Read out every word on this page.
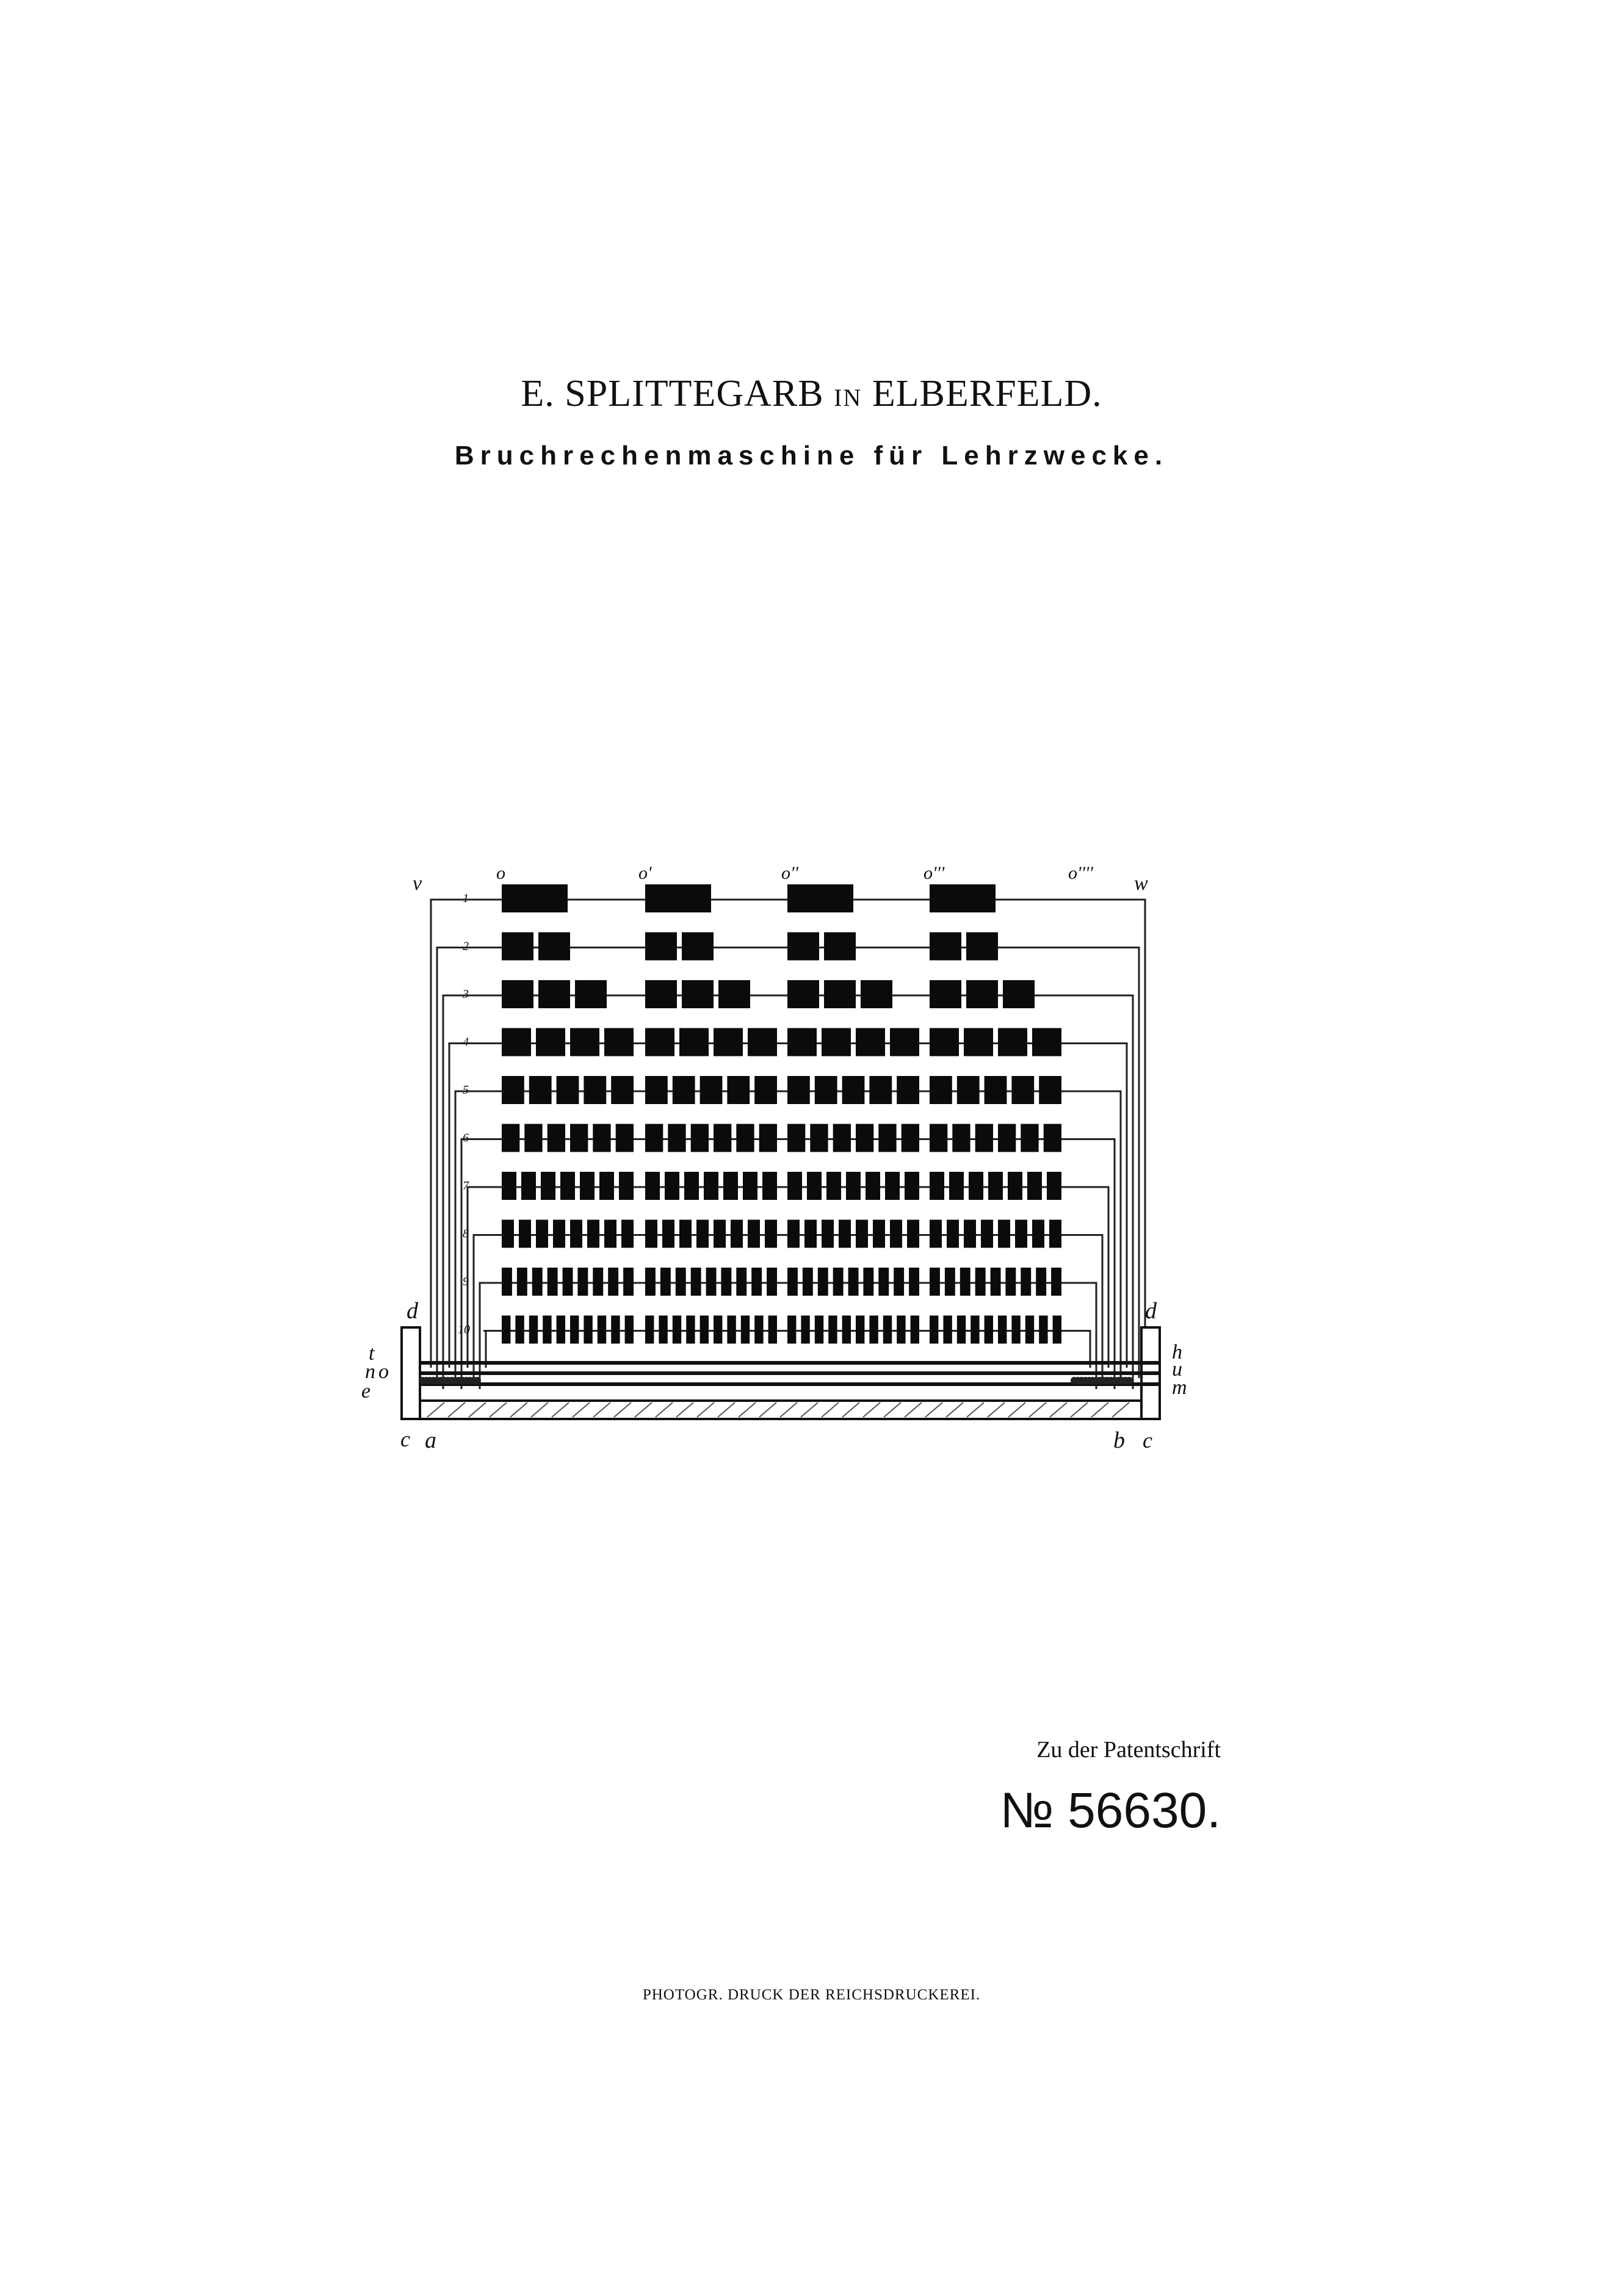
E. SPLITTEGARB IN ELBERFELD.
Bruchrechenmaschine für Lehrzwecke.
1
2
3
4
5
6
7
8
9
10
o	o'	o''	o'''	o''''
v	w
d	d
t
n o
e
h
u
m
c a	b c
Zu der Patentschrift
№ 56630.
PHOTOGR. DRUCK DER REICHSDRUCKEREI.
